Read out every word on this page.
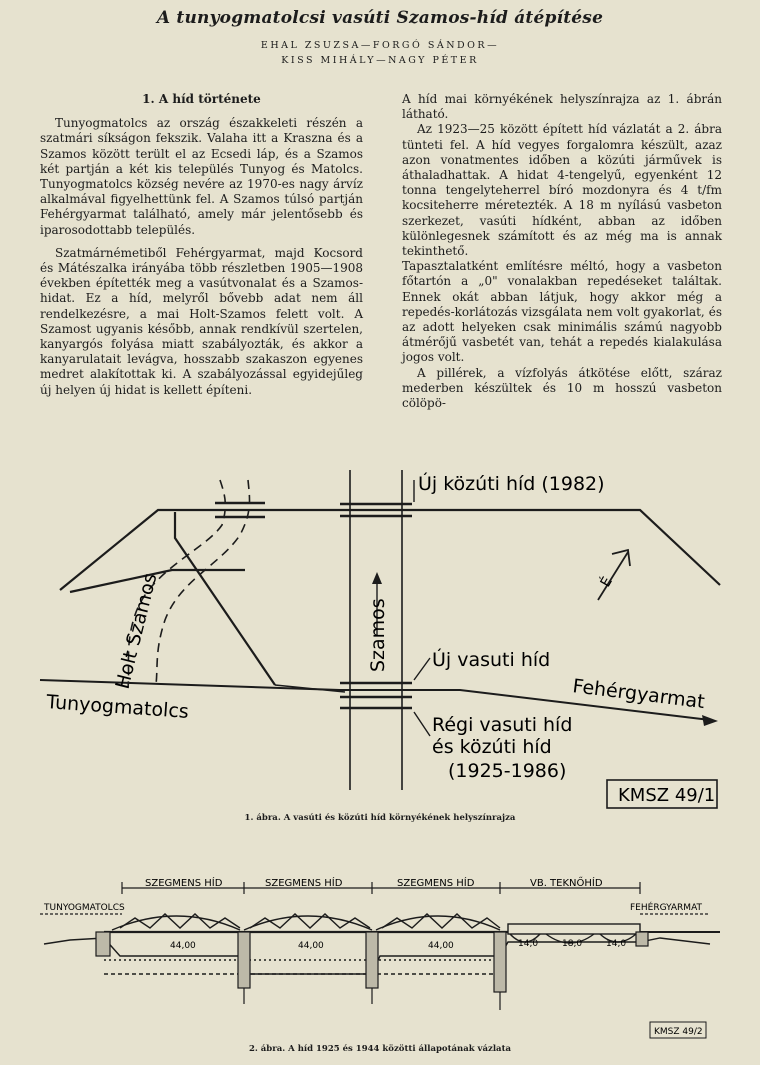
A tunyogmatolcsi vasúti Szamos-híd átépítése
EHAL ZSUZSA—FORGÓ SÁNDOR—
KISS MIHÁLY—NAGY PÉTER
1. A híd története

Tunyogmatolcs az ország északkeleti részén a szatmári síkságon fekszik. Valaha itt a Kraszna és a Szamos között terült el az Ecsedi láp, és a Szamos két partján a két kis település Tunyog és Matolcs. Tunyogmatolcs község nevére az 1970-es nagy árvíz alkalmával figyelhettünk fel. A Szamos túlsó partján Fehérgyarmat található, amely már jelentősebb és iparosodottabb település.

Szatmárnémetiből Fehérgyarmat, majd Kocsord és Mátészalka irányába több részletben 1905—1908 években építették meg a vasútvonalat és a Szamos-hidat. Ez a híd, melyről bővebb adat nem áll rendelkezésre, a mai Holt-Szamos felett volt. A Szamost ugyanis később, annak rendkívül szertelen, kanyargós folyása miatt szabályozták, és akkor a kanyarulatait levágva, hosszabb szakaszon egyenes medret alakítottak ki. A szabályozással egyidejűleg új helyen új hidat is kellett építeni.

A híd mai környékének helyszínrajza az 1. ábrán látható.

Az 1923—25 között épített híd vázlatát a 2. ábra tünteti fel. A híd vegyes forgalomra készült, azaz azon vonatmentes időben a közúti járművek is áthaladhattak. A hidat 4-tengelyű, egyenként 12 tonna tengelyteherrel bíró mozdonyra és 4 t/fm kocsiteherre méretezték. A 18 m nyílású vasbeton szerkezet, vasúti hídként, abban az időben különlegesnek számított és az még ma is annak tekinthető.

Tapasztalatként említésre méltó, hogy a vasbeton főtartón a „0" vonalakban repedéseket találtak. Ennek okát abban látjuk, hogy akkor még a repedés-korlátozás vizsgálata nem volt gyakorlat, és az adott helyeken csak minimális számú nagyobb átmérőjű vasbetét van, tehát a repedés kialakulása jogos volt.

A pillérek, a vízfolyás átkötése előtt, száraz mederben készültek és 10 m hosszú vasbeton cölöpö-

É
Új közúti híd (1982)
Új vasuti híd
Régi vasuti híd
és közúti híd
(1925-1986)
Holt Szamos	Szamos
Tunyogmatolcs	Fehérgyarmat
KMSZ 49/1
1. ábra. A vasúti és közúti híd környékének helyszínrajza
SZEGMENS HÍD	SZEGMENS HÍD	SZEGMENS HÍD	VB. TEKNŐHÍD
TUNYOGMATOLCS	FEHÉRGYARMAT
44,00	44,00	44,00	14,0	18,0	14,0
KMSZ 49/2
2. ábra. A híd 1925 és 1944 közötti állapotának vázlata
